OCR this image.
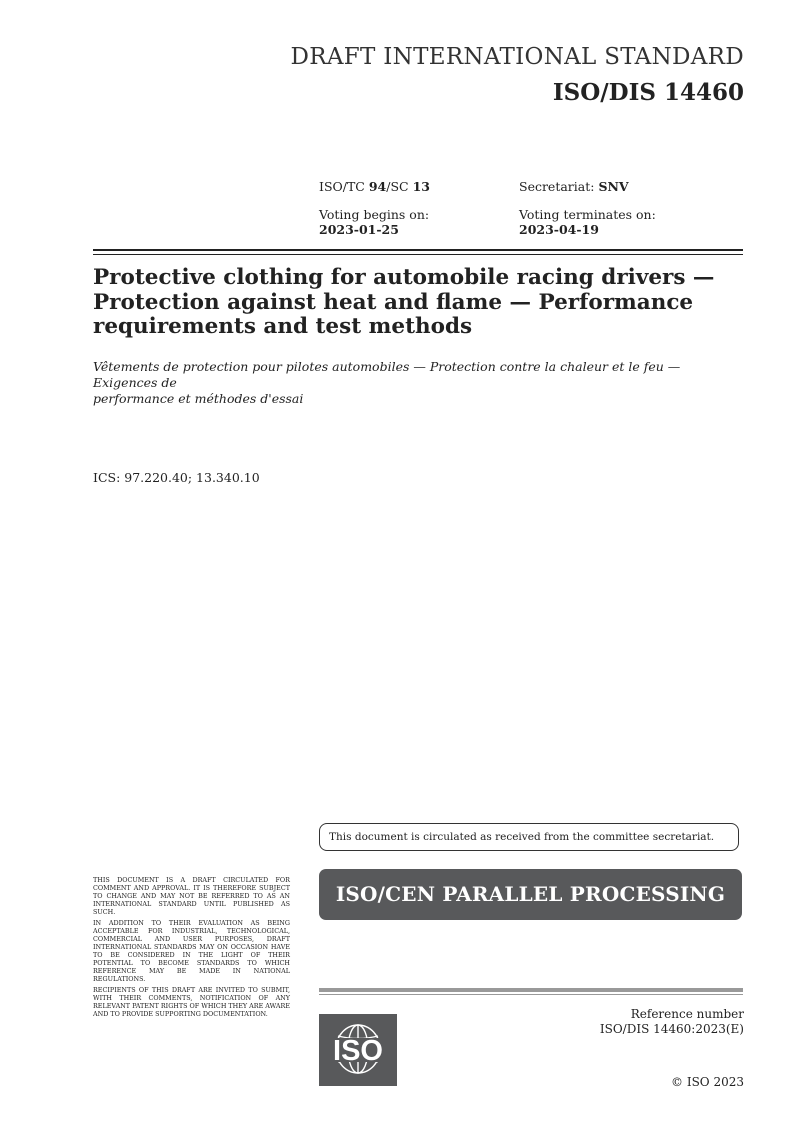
DRAFT INTERNATIONAL STANDARD
ISO/DIS 14460
ISO/TC 94/SC 13	Secretariat: SNV
Voting begins on:
2023-01-25
Voting terminates on:
2023-04-19
Protective clothing for automobile racing drivers —
Protection against heat and flame — Performance
requirements and test methods
Vêtements de protection pour pilotes automobiles — Protection contre la chaleur et le feu — Exigences de
performance et méthodes d'essai
ICS: 97.220.40; 13.340.10
This document is circulated as received from the committee secretariat.
ISO/CEN PARALLEL PROCESSING

THIS DOCUMENT IS A DRAFT CIRCULATED FOR COMMENT AND APPROVAL. IT IS THEREFORE SUBJECT TO CHANGE AND MAY NOT BE REFERRED TO AS AN INTERNATIONAL STANDARD UNTIL PUBLISHED AS SUCH.

IN ADDITION TO THEIR EVALUATION AS BEING ACCEPTABLE FOR INDUSTRIAL, TECHNOLOGICAL, COMMERCIAL AND USER PURPOSES, DRAFT INTERNATIONAL STANDARDS MAY ON OCCASION HAVE TO BE CONSIDERED IN THE LIGHT OF THEIR POTENTIAL TO BECOME STANDARDS TO WHICH REFERENCE MAY BE MADE IN NATIONAL REGULATIONS.

RECIPIENTS OF THIS DRAFT ARE INVITED TO SUBMIT, WITH THEIR COMMENTS, NOTIFICATION OF ANY RELEVANT PATENT RIGHTS OF WHICH THEY ARE AWARE AND TO PROVIDE SUPPORTING DOCUMENTATION.

ISO
Reference number
ISO/DIS 14460:2023(E)
© ISO 2023
